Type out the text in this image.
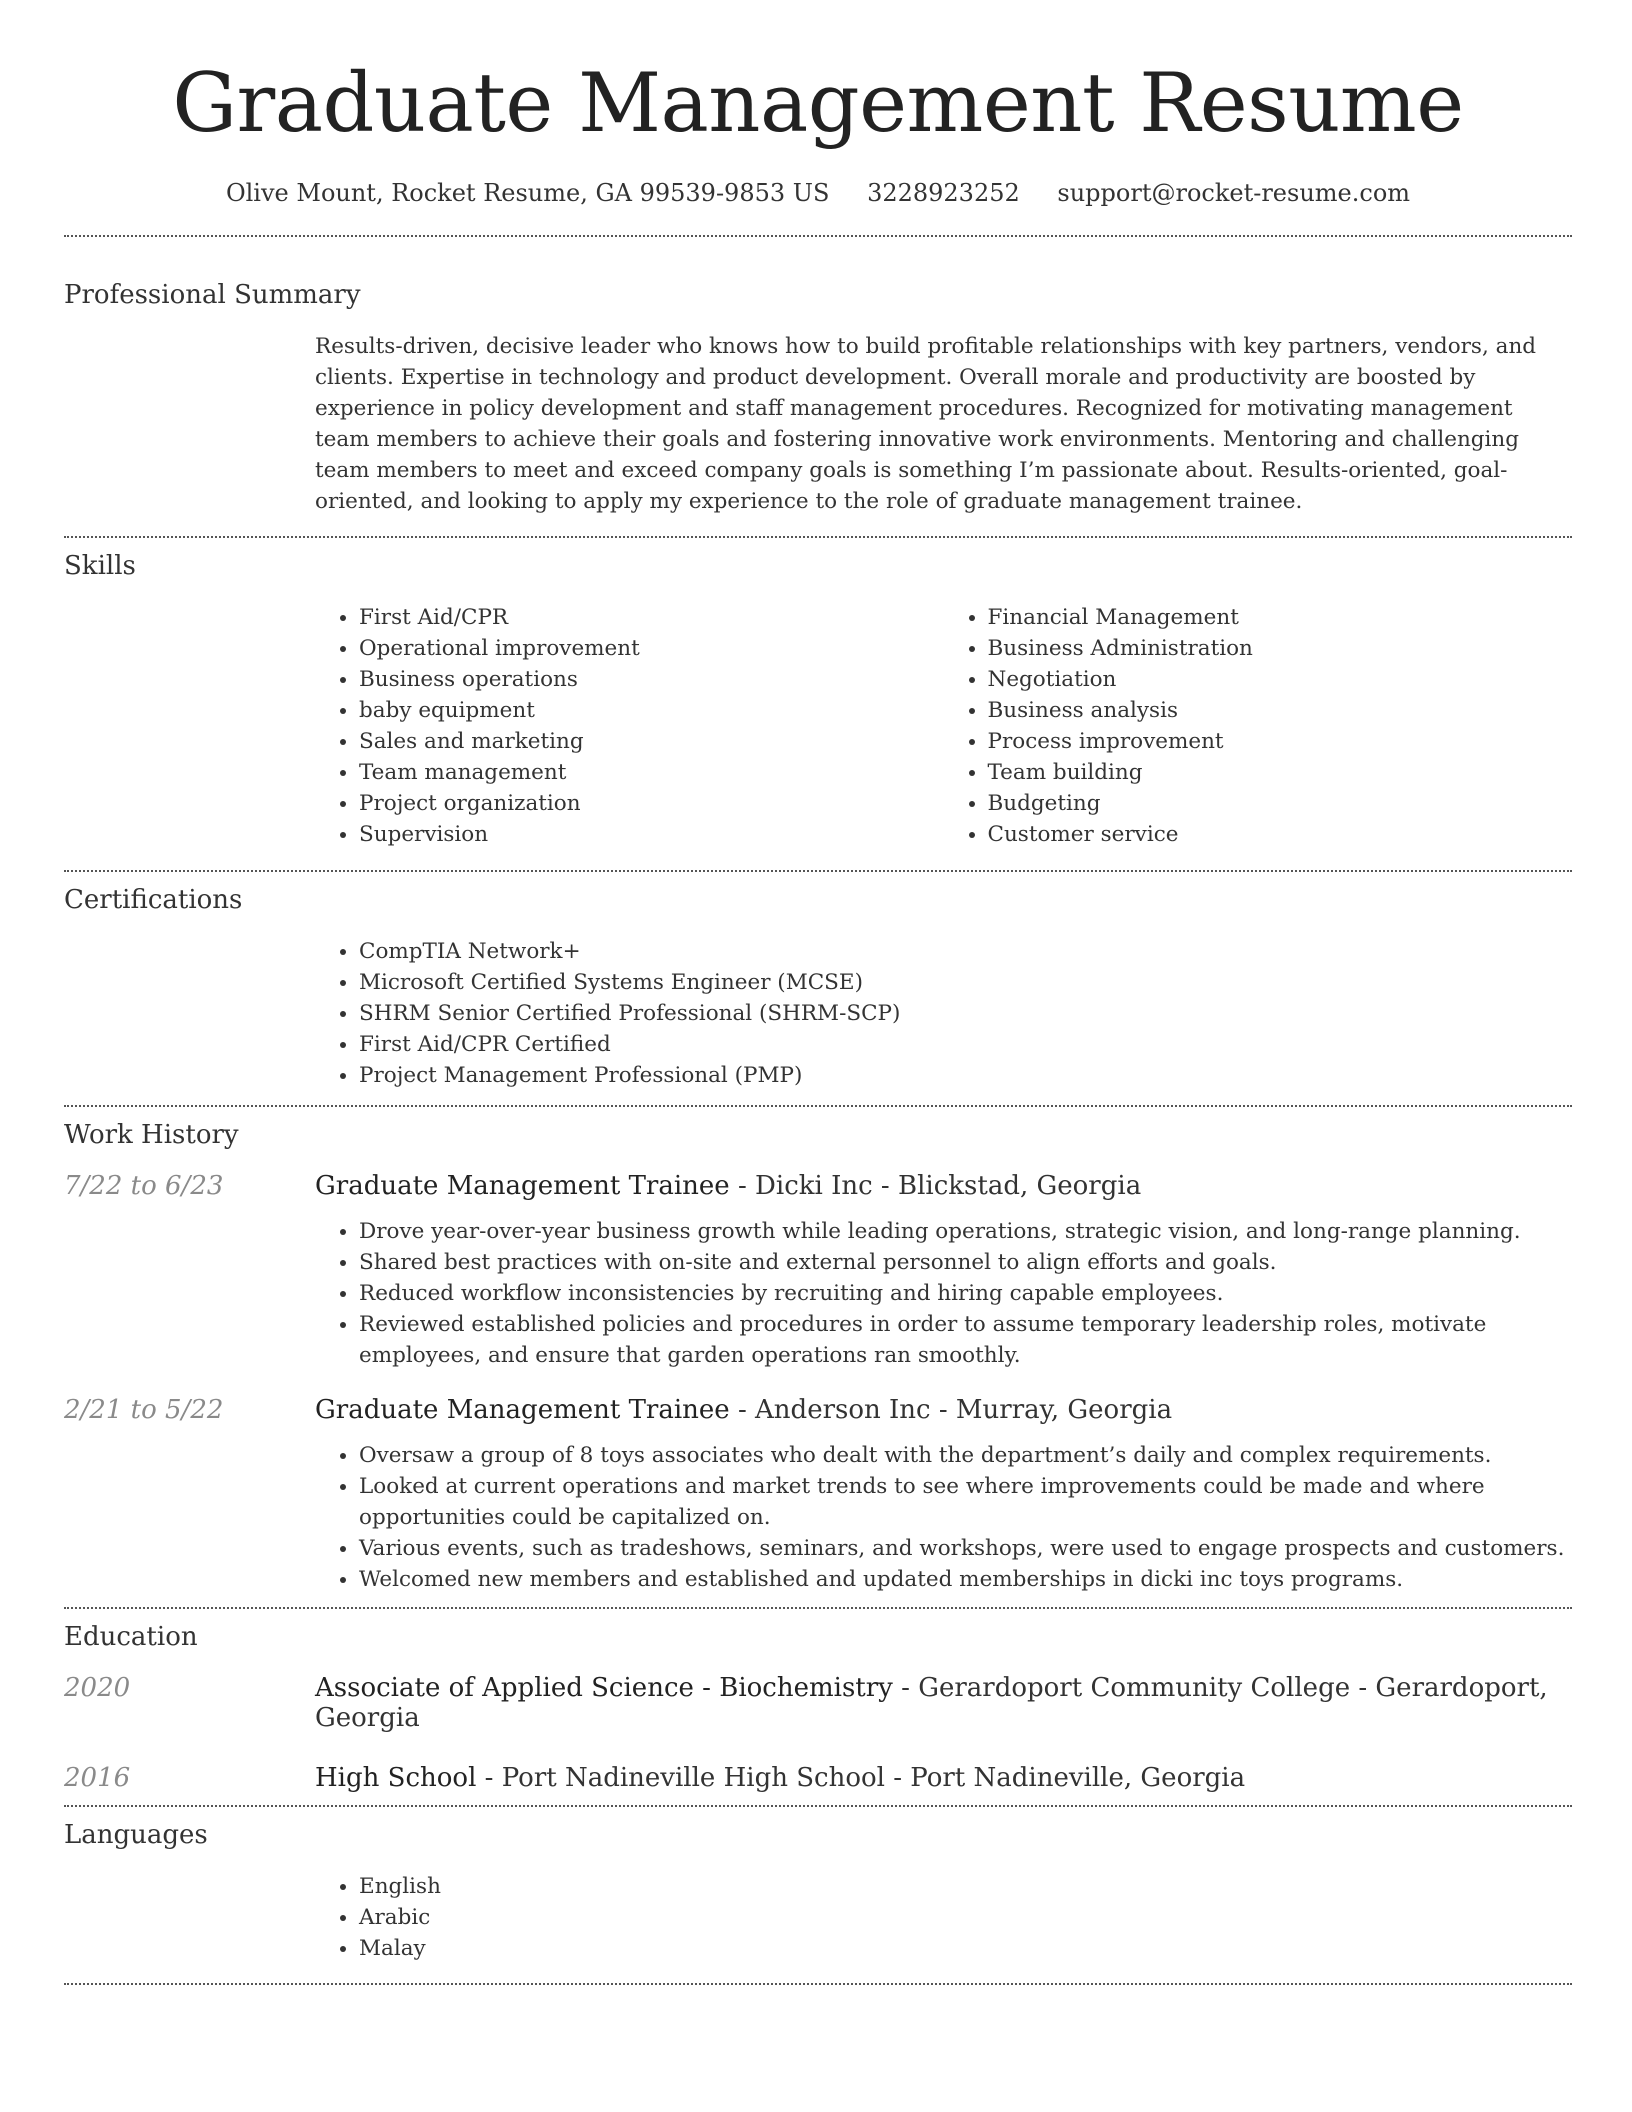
Graduate Management Resume
Olive Mount, Rocket Resume, GA 99539-9853 US 3228923252 support@rocket-resume.com
Professional Summary
Results-driven, decisive leader who knows how to build profitable relationships with key partners, vendors, and clients. Expertise in technology and product development. Overall morale and productivity are boosted by experience in policy development and staff management procedures. Recognized for motivating management team members to achieve their goals and fostering innovative work environments. Mentoring and challenging team members to meet and exceed company goals is something I’m passionate about. Results-oriented, goal-oriented, and looking to apply my experience to the role of graduate management trainee.
Skills
• First Aid/CPR
• Operational improvement
• Business operations
• baby equipment
• Sales and marketing
• Team management
• Project organization
• Supervision
• Financial Management
• Business Administration
• Negotiation
• Business analysis
• Process improvement
• Team building
• Budgeting
• Customer service
Certifications
• CompTIA Network+
• Microsoft Certified Systems Engineer (MCSE)
• SHRM Senior Certified Professional (SHRM-SCP)
• First Aid/CPR Certified
• Project Management Professional (PMP)
Work History
7/22 to 6/23	Graduate Management Trainee - Dicki Inc - Blickstad, Georgia
• Drove year-over-year business growth while leading operations, strategic vision, and long-range planning.
• Shared best practices with on-site and external personnel to align efforts and goals.
• Reduced workflow inconsistencies by recruiting and hiring capable employees.
• Reviewed established policies and procedures in order to assume temporary leadership roles, motivate employees, and ensure that garden operations ran smoothly.
2/21 to 5/22	Graduate Management Trainee - Anderson Inc - Murray, Georgia
• Oversaw a group of 8 toys associates who dealt with the department’s daily and complex requirements.
• Looked at current operations and market trends to see where improvements could be made and where opportunities could be capitalized on.
• Various events, such as tradeshows, seminars, and workshops, were used to engage prospects and customers.
• Welcomed new members and established and updated memberships in dicki inc toys programs.
Education
2020	Associate of Applied Science - Biochemistry - Gerardoport Community College - Gerardoport, Georgia
2016	High School - Port Nadineville High School - Port Nadineville, Georgia
Languages
• English
• Arabic
• Malay
